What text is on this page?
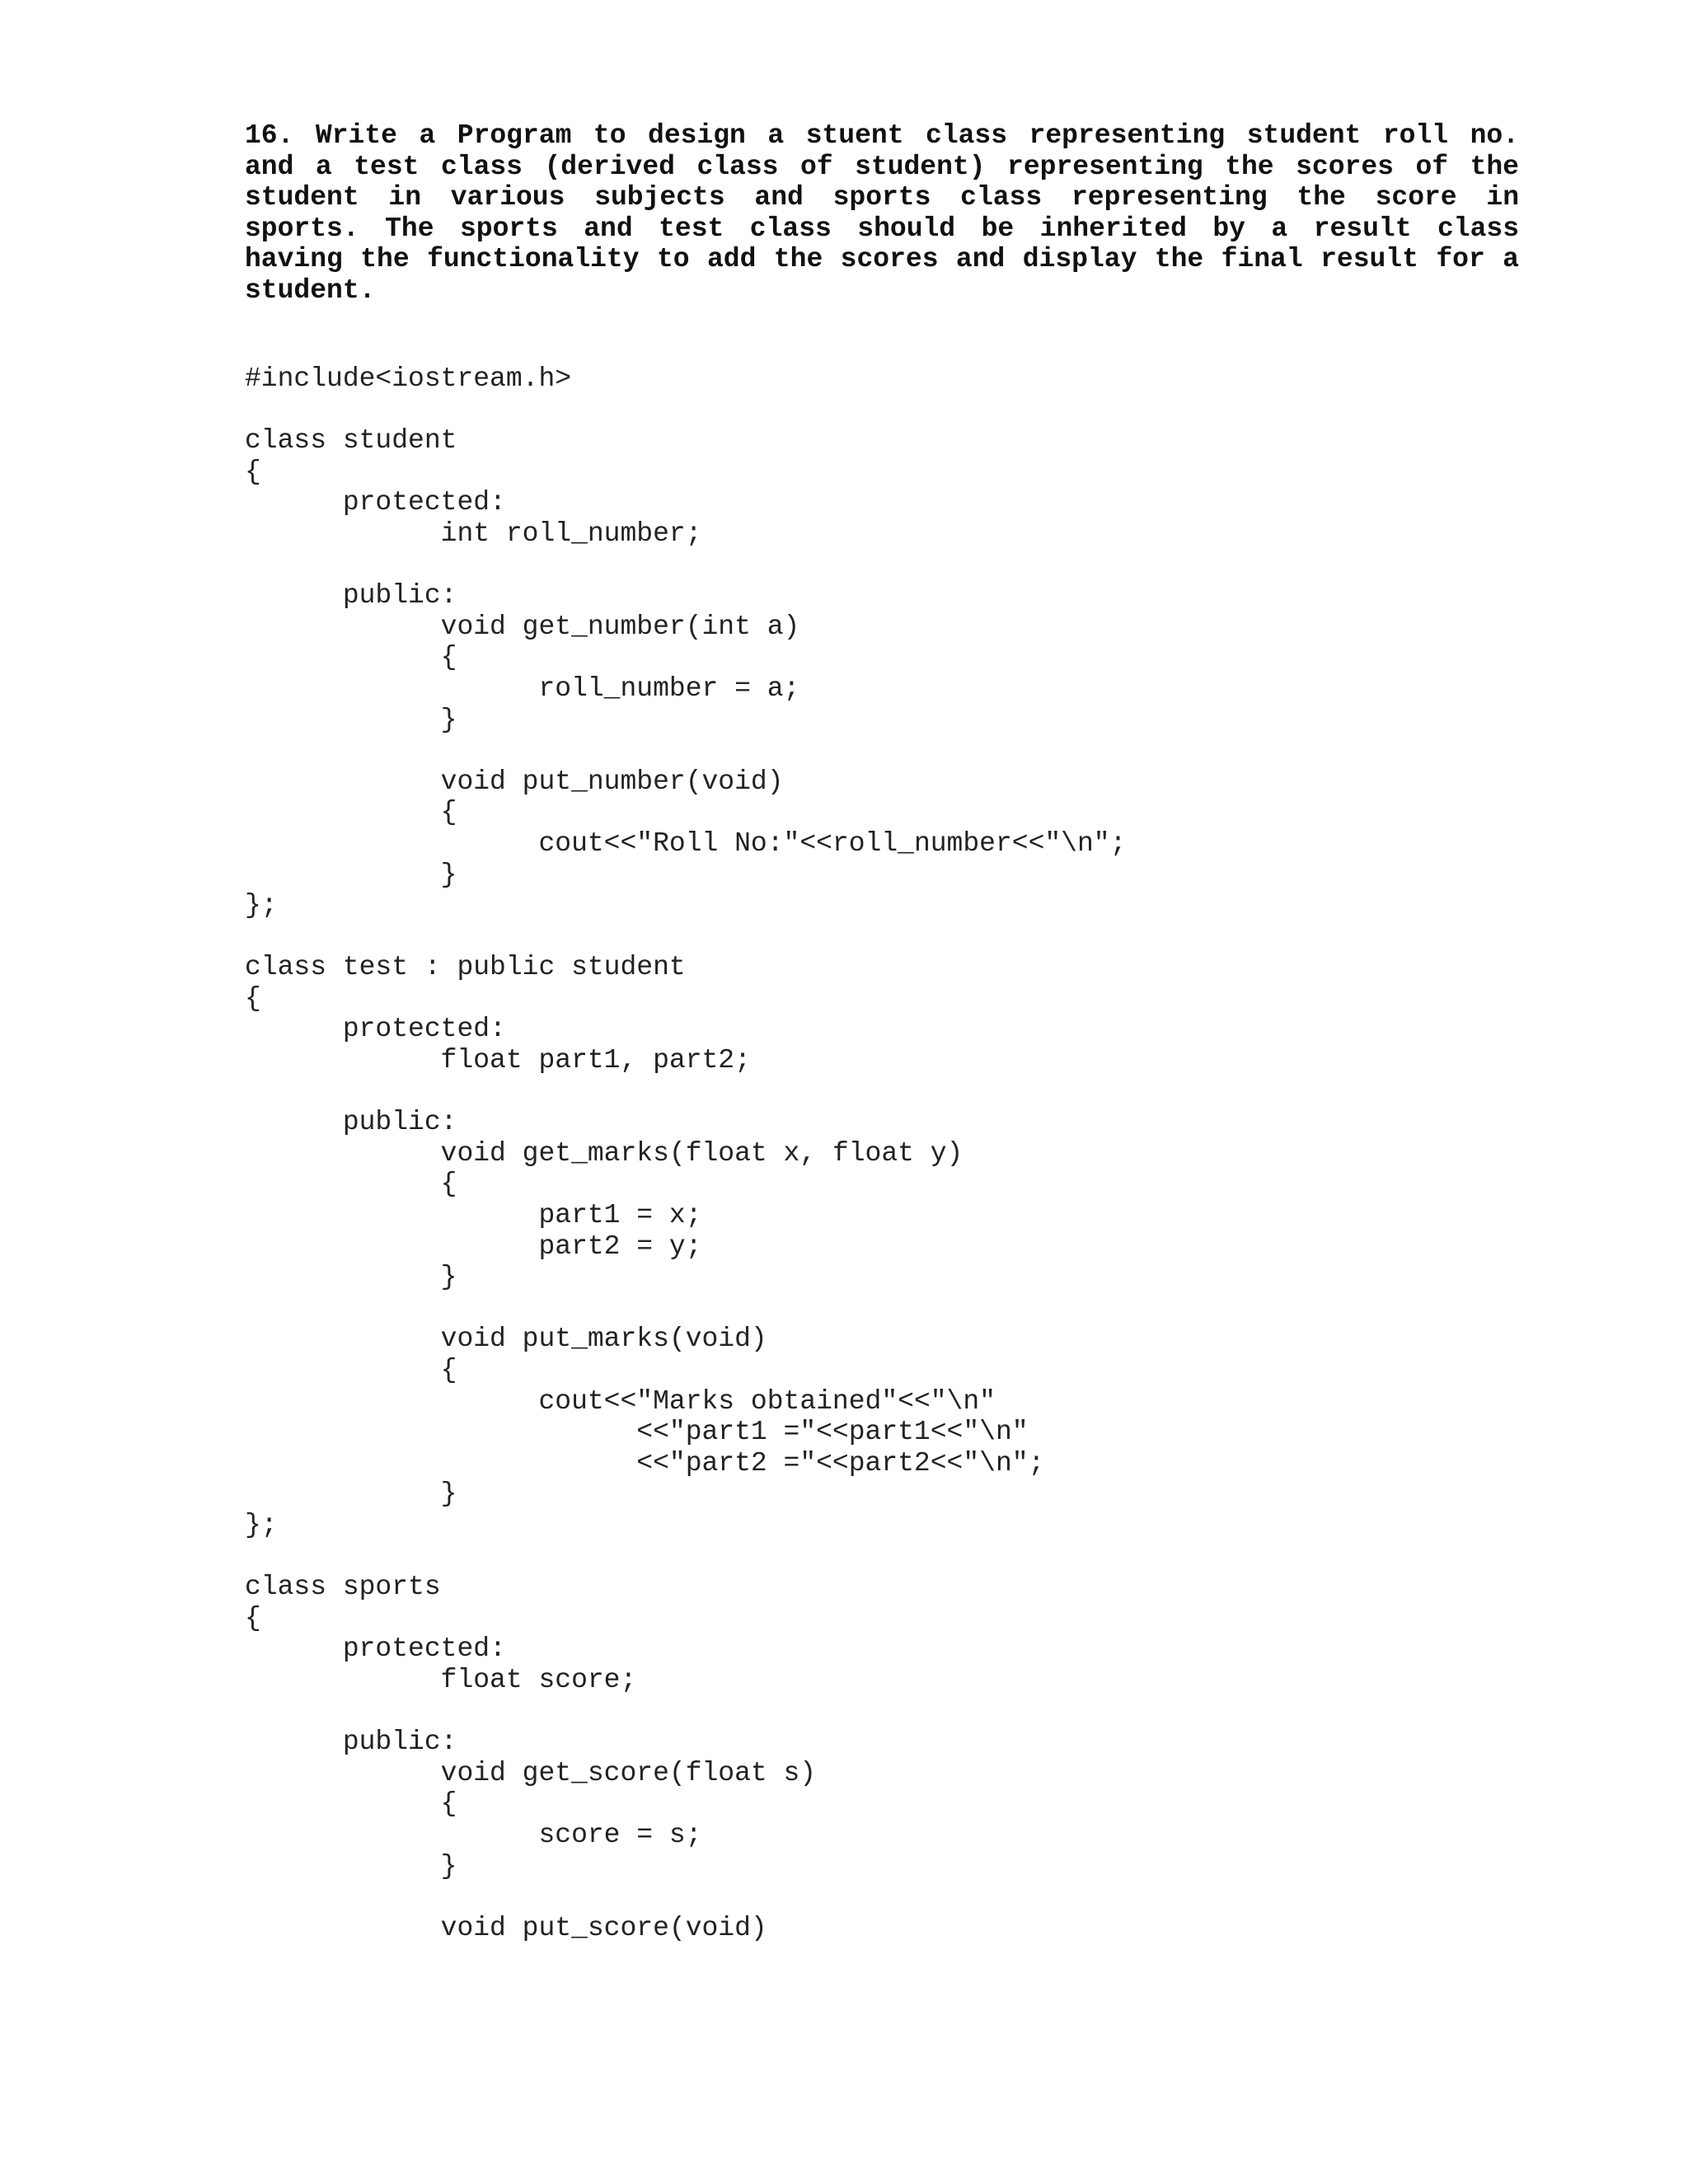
16. Write a Program to design a stuent class representing student roll no.
and a test class (derived class of student) representing the scores of the
student in various subjects and sports class representing the score in
sports. The sports and test class should be inherited by a result class
having the functionality to add the scores and display the final result for a
student.
#include<iostream.h>

class student
{
	protected:
		int roll_number;

	public:
		void get_number(int a)
		{
			roll_number = a;
		}

		void put_number(void)
		{
			cout<<"Roll No:"<<roll_number<<"\n";
		}
};

class test : public student
{
	protected:
		float part1, part2;

	public:
		void get_marks(float x, float y)
		{
			part1 = x;
			part2 = y;
		}

		void put_marks(void)
		{
			cout<<"Marks obtained"<<"\n"
				<<"part1 ="<<part1<<"\n"
				<<"part2 ="<<part2<<"\n";
		}
};

class sports
{
	protected:
		float score;

	public:
		void get_score(float s)
		{
			score = s;
		}

		void put_score(void)
